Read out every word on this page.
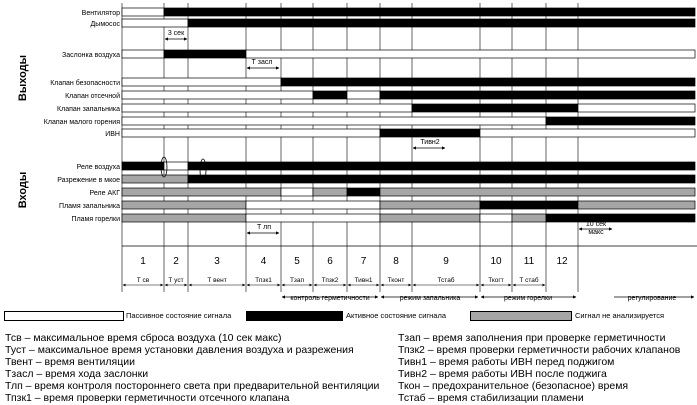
Вентилятор
Дымосос
Заслонка воздуха
Клапан безопасности
Клапан отсечной
Клапан запальника
Клапан малого горения
ИВН
Реле воздуха
Разрежение в мкое
Реле АКГ
Пламя запальника
Пламя горелки
Выходы
Входы
3 сек
Т засл
Тивн2
Т лп	10 сек
макс
1
Т св
2
Т уст
3
Т вент
4
Тпзк1
5
Тзап
6
Тпзк2
7
Тивн1
8
Тконт
9
Тстаб
10
Ткогт
11
Т стаб
12
контроль герметичности	режим запальника	режим горелки	регулирование
Пассивное состояние сигнала	Активное состояние сигнала	Сигнал не анализируется
Тсв – максимальное время сброса воздуха (10 сек макс)
Туст – максимальное время установки давления воздуха и разрежения
Твент – время вентиляции
Тзасл – время хода заслонки
Тлп – время контроля постороннего света при предварительной вентиляции
Тпзк1 – время проверки герметичности отсечного клапана
Тзап – время заполнения при проверке герметичности
Тпзк2 – время проверки герметичности рабочих клапанов
Тивн1 – время работы ИВН перед поджигом
Тивн2 – время работы ИВН после поджига
Ткон – предохранительное (безопасное) время
Тстаб – время стабилизации пламени
